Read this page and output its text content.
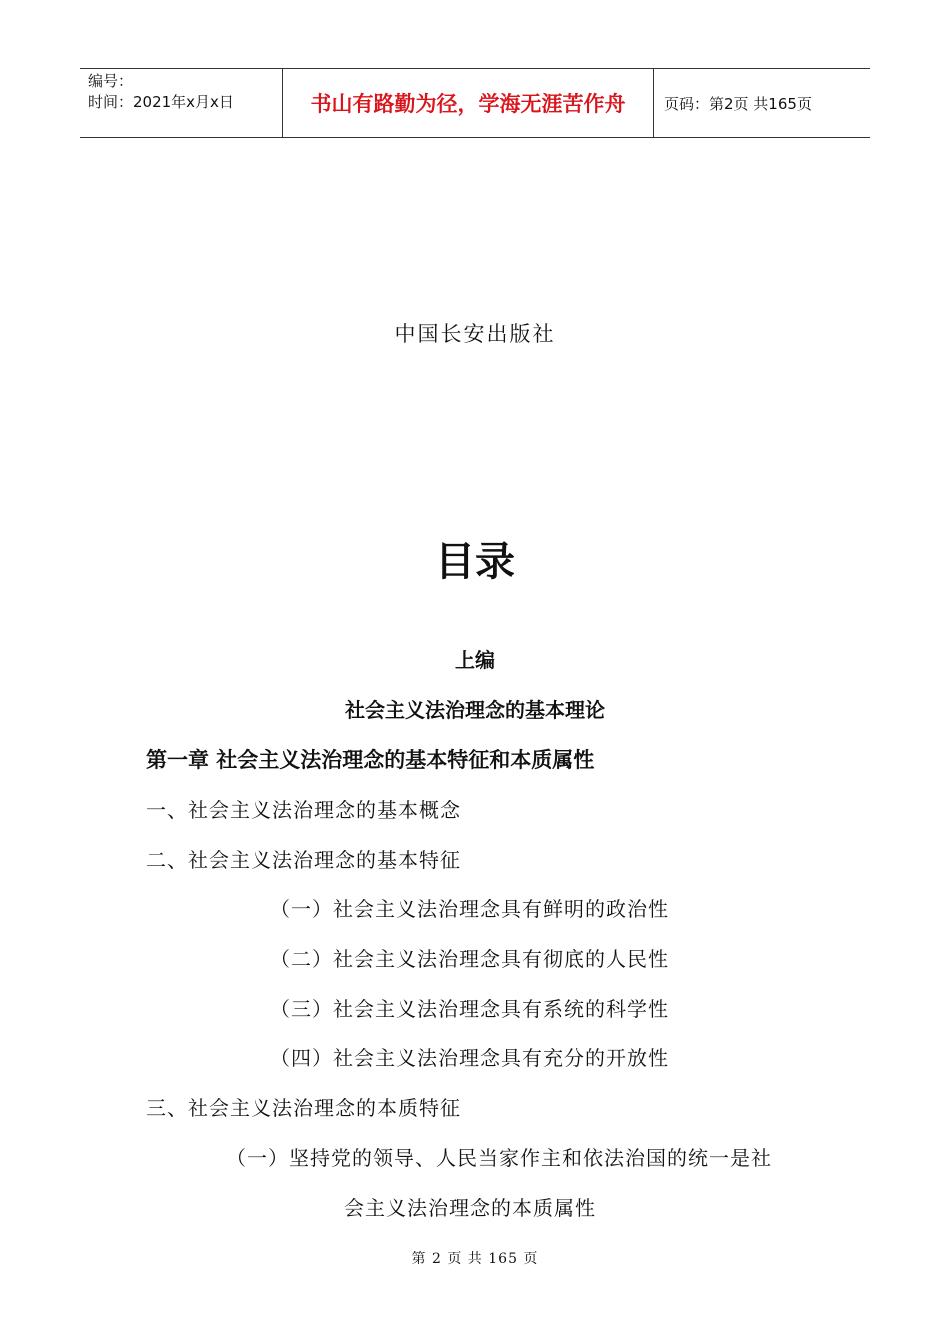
编号：
时间：2021年x月x日	书山有路勤为径，学海无涯苦作舟	页码：第2页 共165页
中国长安出版社
目录
上编
社会主义法治理念的基本理论
第一章 社会主义法治理念的基本特征和本质属性
一、社会主义法治理念的基本概念
二、社会主义法治理念的基本特征
（一）社会主义法治理念具有鲜明的政治性
（二）社会主义法治理念具有彻底的人民性
（三）社会主义法治理念具有系统的科学性
（四）社会主义法治理念具有充分的开放性
三、社会主义法治理念的本质特征
（一）坚持党的领导、人民当家作主和依法治国的统一是社
会主义法治理念的本质属性
第 2 页 共 165 页
